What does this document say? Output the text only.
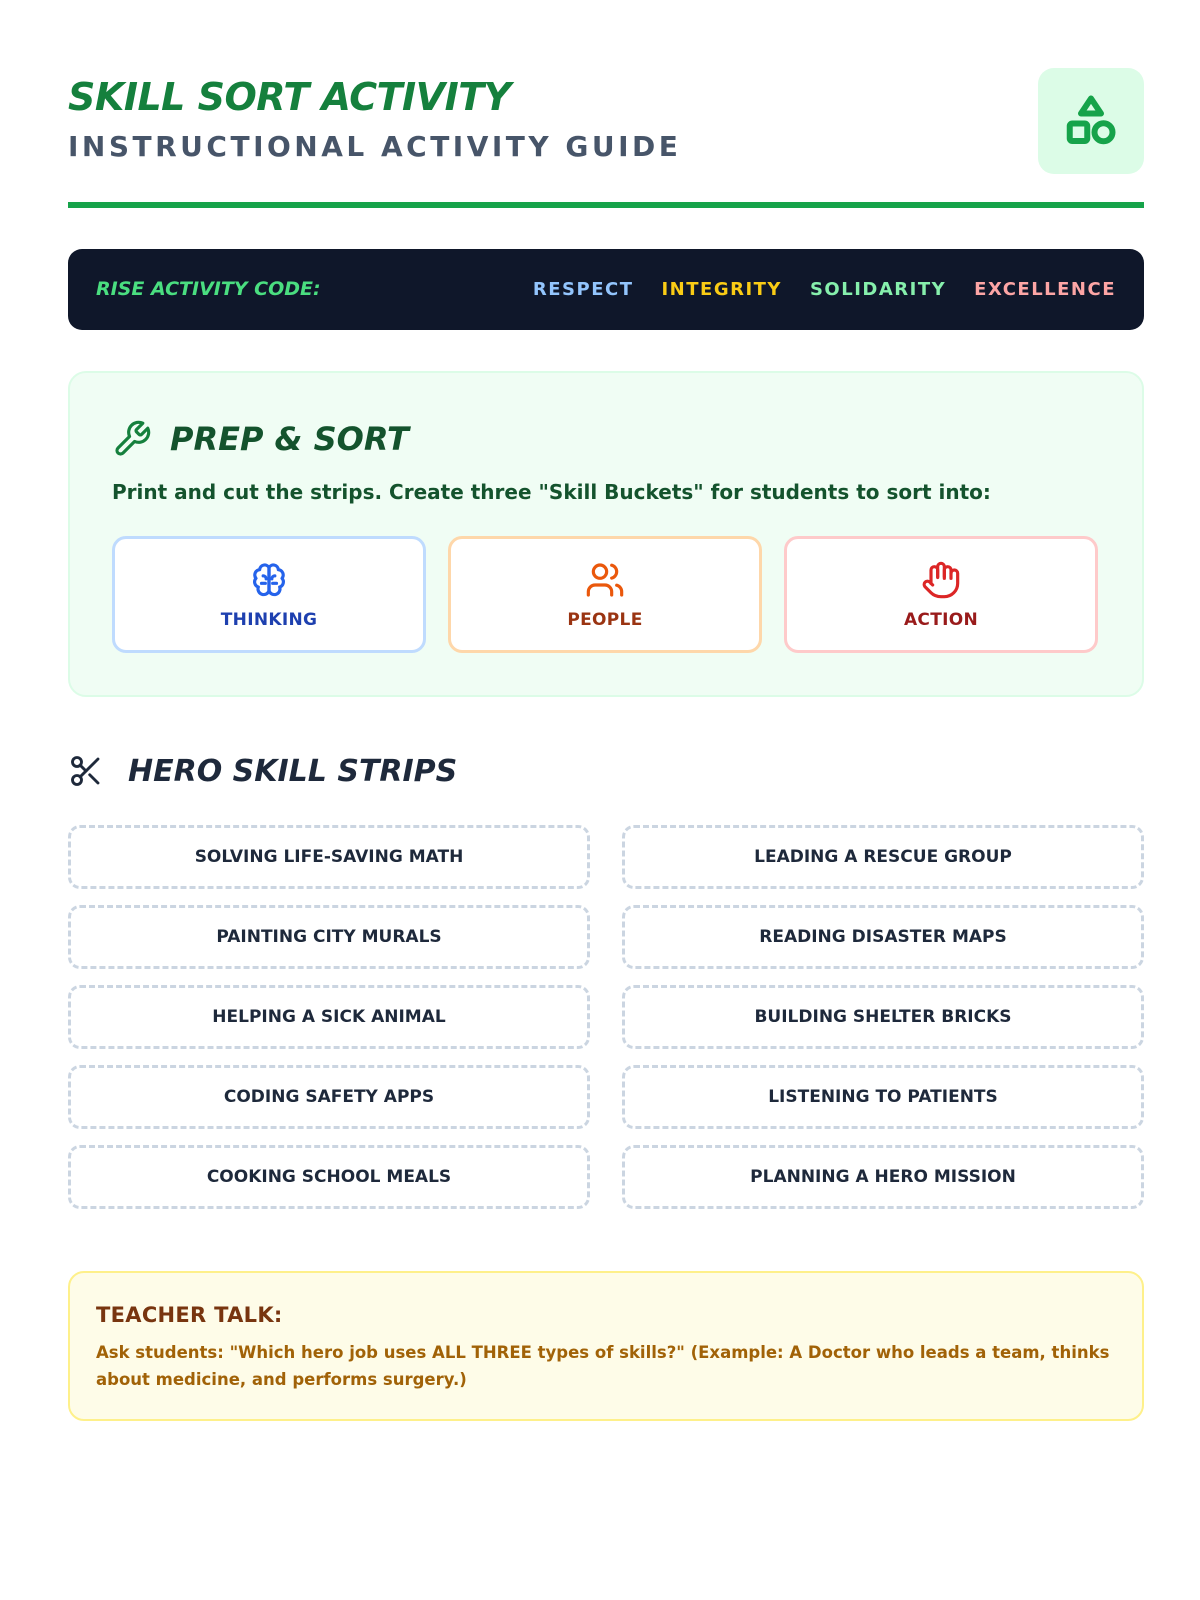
SKILL SORT ACTIVITY
INSTRUCTIONAL ACTIVITY GUIDE
RISE ACTIVITY CODE:	RESPECT INTEGRITY SOLIDARITY EXCELLENCE
PREP & SORT
Print and cut the strips. Create three "Skill Buckets" for students to sort into:
THINKING	PEOPLE	ACTION
HERO SKILL STRIPS
SOLVING LIFE-SAVING MATH	LEADING A RESCUE GROUP
PAINTING CITY MURALS	READING DISASTER MAPS
HELPING A SICK ANIMAL	BUILDING SHELTER BRICKS
CODING SAFETY APPS	LISTENING TO PATIENTS
COOKING SCHOOL MEALS	PLANNING A HERO MISSION
TEACHER TALK:
Ask students: "Which hero job uses ALL THREE types of skills?" (Example: A Doctor who leads a team, thinks about medicine, and performs surgery.)
